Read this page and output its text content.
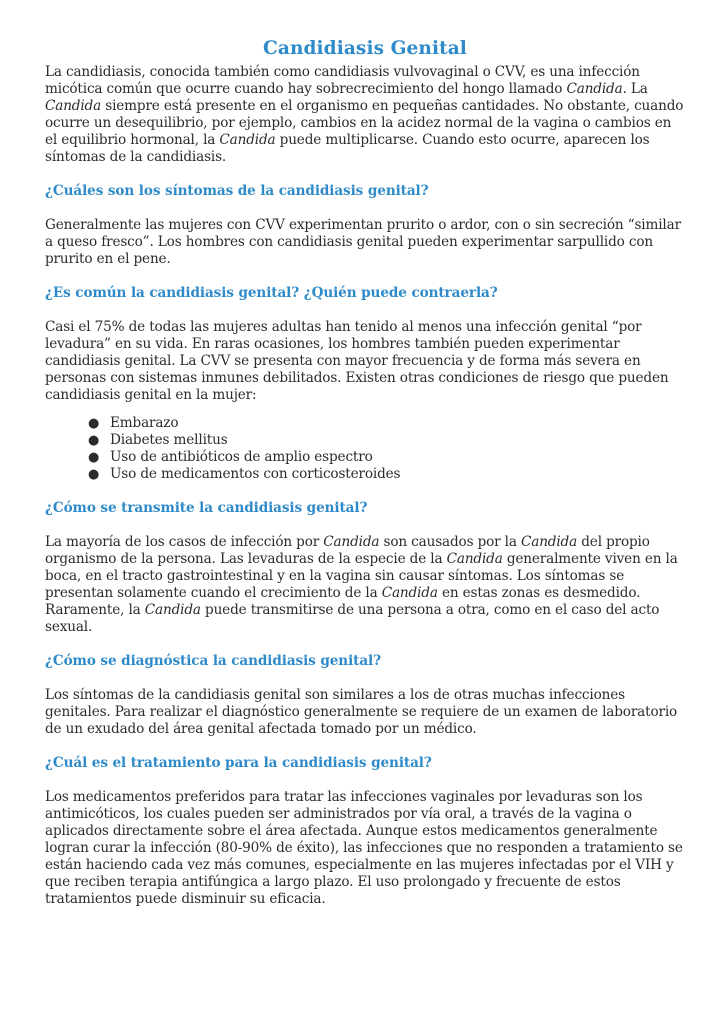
Candidiasis Genital

La candidiasis, conocida también como candidiasis vulvovaginal o CVV, es una infección micótica común que ocurre cuando hay sobrecrecimiento del hongo llamado Candida. La Candida siempre está presente en el organismo en pequeñas cantidades. No obstante, cuando ocurre un desequilibrio, por ejemplo, cambios en la acidez normal de la vagina o cambios en el equilibrio hormonal, la Candida puede multiplicarse. Cuando esto ocurre, aparecen los síntomas de la candidiasis.

¿Cuáles son los síntomas de la candidiasis genital?

Generalmente las mujeres con CVV experimentan prurito o ardor, con o sin secreción “similar a queso fresco”. Los hombres con candidiasis genital pueden experimentar sarpullido con prurito en el pene.

¿Es común la candidiasis genital? ¿Quién puede contraerla?

Casi el 75% de todas las mujeres adultas han tenido al menos una infección genital “por levadura” en su vida. En raras ocasiones, los hombres también pueden experimentar candidiasis genital. La CVV se presenta con mayor frecuencia y de forma más severa en personas con sistemas inmunes debilitados. Existen otras condiciones de riesgo que pueden candidiasis genital en la mujer:

● Embarazo
● Diabetes mellitus
● Uso de antibióticos de amplio espectro
● Uso de medicamentos con corticosteroides
¿Cómo se transmite la candidiasis genital?

La mayoría de los casos de infección por Candida son causados por la Candida del propio organismo de la persona. Las levaduras de la especie de la Candida generalmente viven en la boca, en el tracto gastrointestinal y en la vagina sin causar síntomas. Los síntomas se presentan solamente cuando el crecimiento de la Candida en estas zonas es desmedido. Raramente, la Candida puede transmitirse de una persona a otra, como en el caso del acto sexual.

¿Cómo se diagnóstica la candidiasis genital?

Los síntomas de la candidiasis genital son similares a los de otras muchas infecciones genitales. Para realizar el diagnóstico generalmente se requiere de un examen de laboratorio de un exudado del área genital afectada tomado por un médico.

¿Cuál es el tratamiento para la candidiasis genital?

Los medicamentos preferidos para tratar las infecciones vaginales por levaduras son los antimicóticos, los cuales pueden ser administrados por vía oral, a través de la vagina o aplicados directamente sobre el área afectada. Aunque estos medicamentos generalmente logran curar la infección (80-90% de éxito), las infecciones que no responden a tratamiento se están haciendo cada vez más comunes, especialmente en las mujeres infectadas por el VIH y que reciben terapia antifúngica a largo plazo. El uso prolongado y frecuente de estos tratamientos puede disminuir su eficacia.
